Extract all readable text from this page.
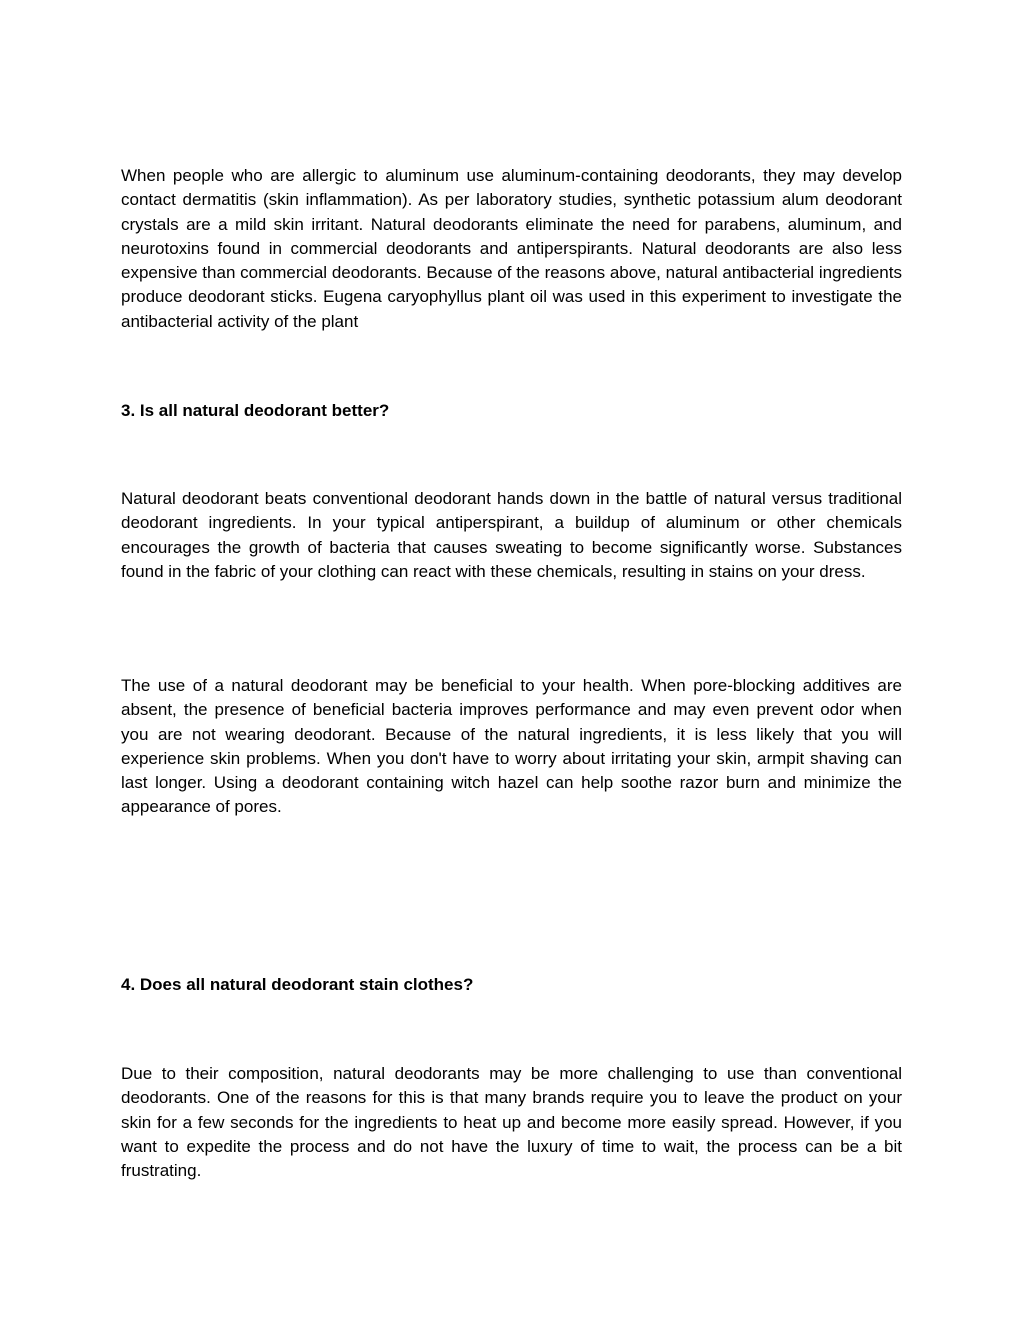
When people who are allergic to aluminum use aluminum-containing deodorants, they may develop contact dermatitis (skin inflammation). As per laboratory studies, synthetic potassium alum deodorant crystals are a mild skin irritant. Natural deodorants eliminate the need for parabens, aluminum, and neurotoxins found in commercial deodorants and antiperspirants. Natural deodorants are also less expensive than commercial deodorants. Because of the reasons above, natural antibacterial ingredients produce deodorant sticks. Eugena caryophyllus plant oil was used in this experiment to investigate the antibacterial activity of the plant

3. Is all natural deodorant better?

Natural deodorant beats conventional deodorant hands down in the battle of natural versus traditional deodorant ingredients. In your typical antiperspirant, a buildup of aluminum or other chemicals encourages the growth of bacteria that causes sweating to become significantly worse. Substances found in the fabric of your clothing can react with these chemicals, resulting in stains on your dress.

The use of a natural deodorant may be beneficial to your health. When pore-blocking additives are absent, the presence of beneficial bacteria improves performance and may even prevent odor when you are not wearing deodorant. Because of the natural ingredients, it is less likely that you will experience skin problems. When you don't have to worry about irritating your skin, armpit shaving can last longer. Using a deodorant containing witch hazel can help soothe razor burn and minimize the appearance of pores.

4. Does all natural deodorant stain clothes?

Due to their composition, natural deodorants may be more challenging to use than conventional deodorants. One of the reasons for this is that many brands require you to leave the product on your skin for a few seconds for the ingredients to heat up and become more easily spread. However, if you want to expedite the process and do not have the luxury of time to wait, the process can be a bit frustrating.
